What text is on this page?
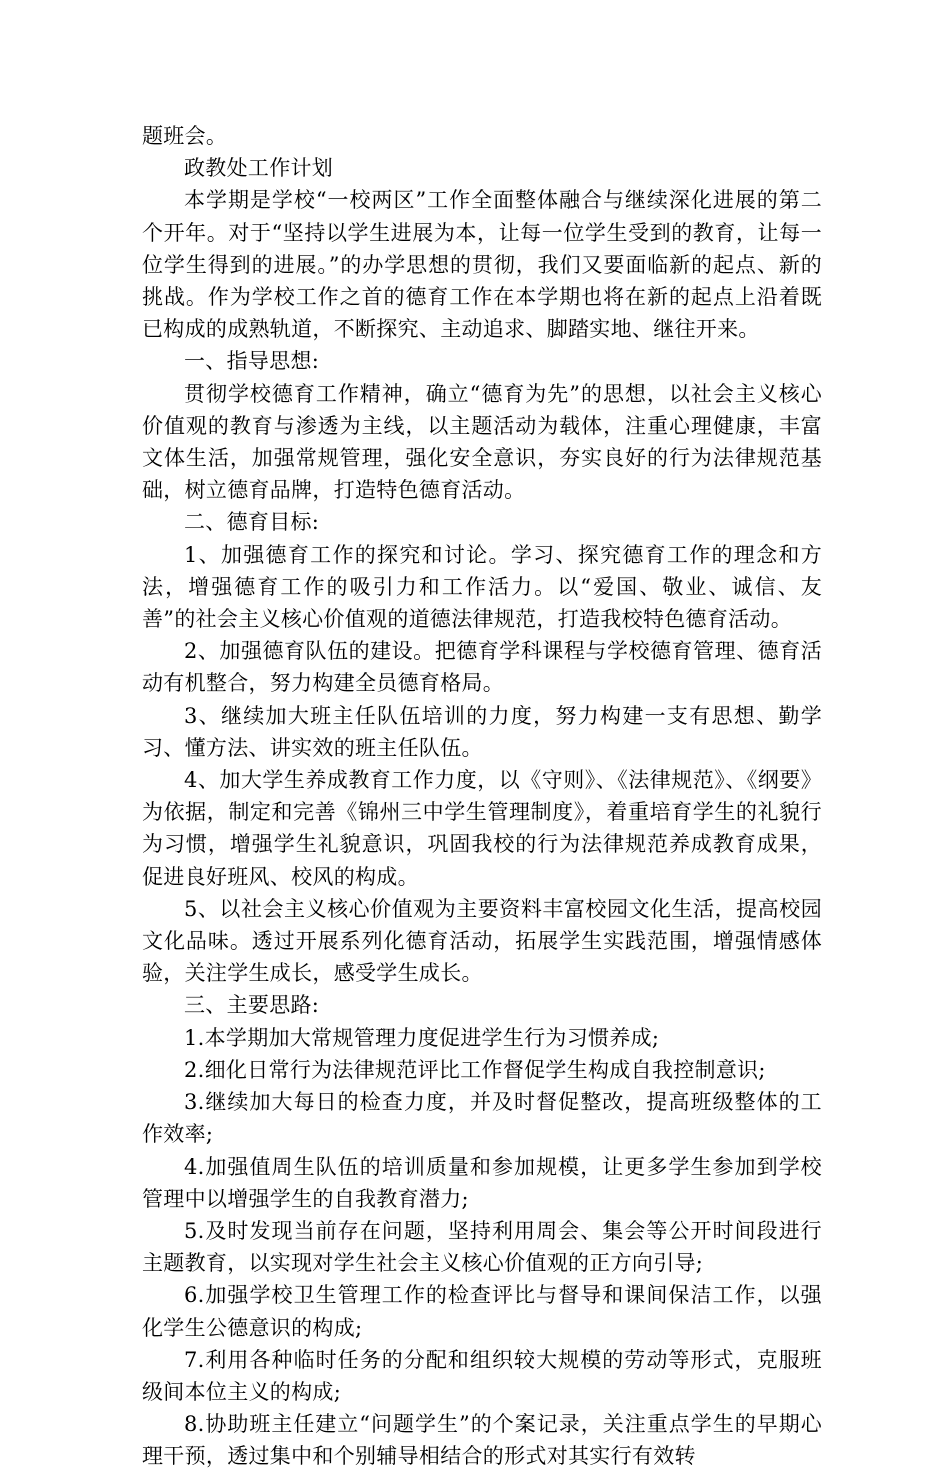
题班会。

政教处工作计划

本学期是学校“一校两区”工作全面整体融合与继续深化进展的第二个开年。对于“坚持以学生进展为本，让每一位学生受到的教育，让每一位学生得到的进展。”的办学思想的贯彻，我们又要面临新的起点、新的挑战。作为学校工作之首的德育工作在本学期也将在新的起点上沿着既已构成的成熟轨道，不断探究、主动追求、脚踏实地、继往开来。

一、指导思想:

贯彻学校德育工作精神，确立“德育为先”的思想，以社会主义核心价值观的教育与渗透为主线，以主题活动为载体，注重心理健康，丰富文体生活，加强常规管理，强化安全意识，夯实良好的行为法律规范基础，树立德育品牌，打造特色德育活动。

二、德育目标:

1、加强德育工作的探究和讨论。学习、探究德育工作的理念和方法，增强德育工作的吸引力和工作活力。以“爱国、敬业、诚信、友善”的社会主义核心价值观的道德法律规范，打造我校特色德育活动。

2、加强德育队伍的建设。把德育学科课程与学校德育管理、德育活动有机整合，努力构建全员德育格局。

3、继续加大班主任队伍培训的力度，努力构建一支有思想、勤学习、懂方法、讲实效的班主任队伍。

4、加大学生养成教育工作力度，以《守则》、《法律规范》、《纲要》为依据，制定和完善《锦州三中学生管理制度》，着重培育学生的礼貌行为习惯，增强学生礼貌意识，巩固我校的行为法律规范养成教育成果，促进良好班风、校风的构成。

5、以社会主义核心价值观为主要资料丰富校园文化生活，提高校园文化品味。透过开展系列化德育活动，拓展学生实践范围，增强情感体验，关注学生成长，感受学生成长。

三、主要思路:

1.本学期加大常规管理力度促进学生行为习惯养成;

2.细化日常行为法律规范评比工作督促学生构成自我控制意识;

3.继续加大每日的检查力度，并及时督促整改，提高班级整体的工作效率;

4.加强值周生队伍的培训质量和参加规模，让更多学生参加到学校管理中以增强学生的自我教育潜力;

5.及时发现当前存在问题，坚持利用周会、集会等公开时间段进行主题教育，以实现对学生社会主义核心价值观的正方向引导;

6.加强学校卫生管理工作的检查评比与督导和课间保洁工作，以强化学生公德意识的构成;

7.利用各种临时任务的分配和组织较大规模的劳动等形式，克服班级间本位主义的构成;

8.协助班主任建立“问题学生”的个案记录，关注重点学生的早期心理干预，透过集中和个别辅导相结合的形式对其实行有效转
